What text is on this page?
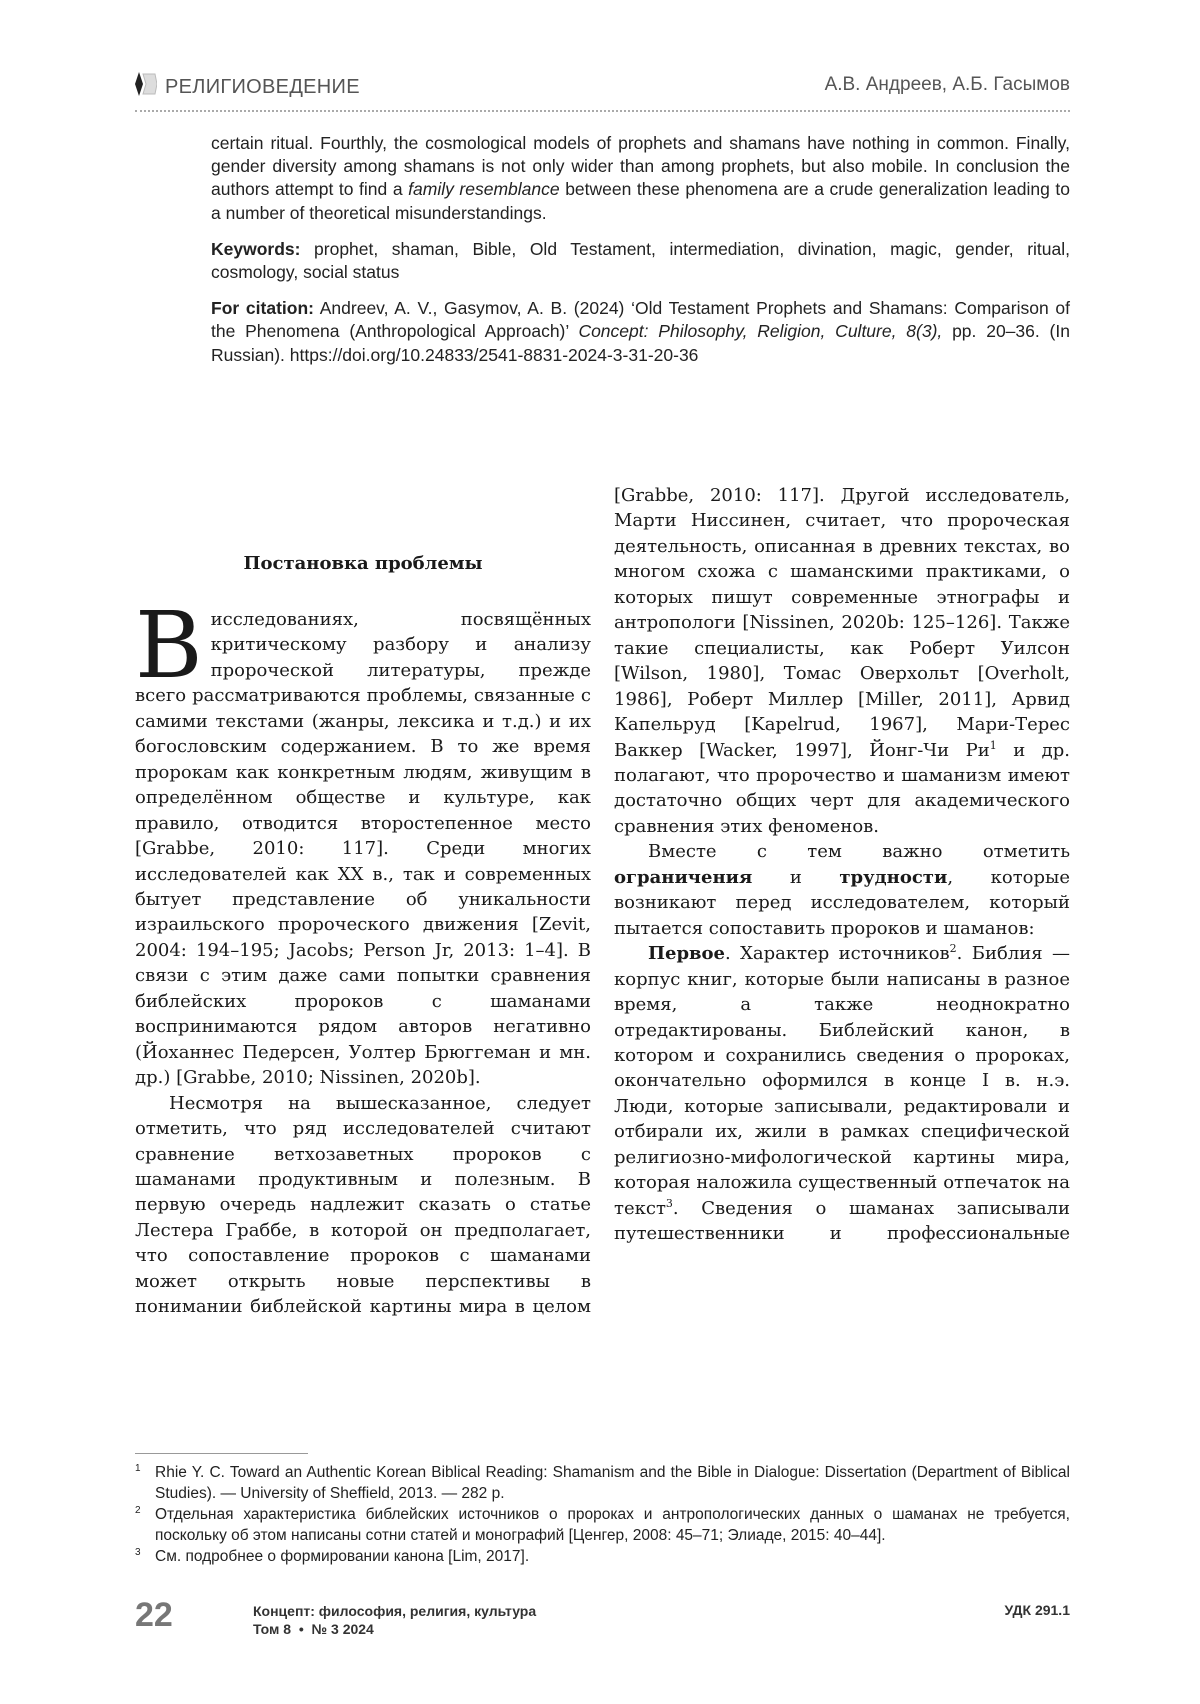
РЕЛИГИОВЕДЕНИЕ	А.В. Андреев, А.Б. Гасымов

certain ritual. Fourthly, the cosmological models of prophets and shamans have nothing in common. Finally, gender diversity among shamans is not only wider than among prophets, but also mobile. In conclusion the authors attempt to find a family resemblance between these phenomena are a crude generalization leading to a number of theoretical misunderstandings.

Keywords: prophet, shaman, Bible, Old Testament, intermediation, divination, magic, gender, ritual, cosmology, social status

For citation: Andreev, A. V., Gasymov, A. B. (2024) ‘Old Testament Prophets and Shamans: Comparison of the Phenomena (Anthropological Approach)’ Concept: Philosophy, Religion, Culture, 8(3), pp. 20–36. (In Russian). https://doi.org/10.24833/2541-8831-2024-3-31-20-36

Постановка проблемы

Висследованиях, посвящённых критическому разбору и анализу пророческой литературы, прежде всего рассматриваются проблемы, связанные с самими текстами (жанры, лексика и т.д.) и их богословским содержанием. В то же время пророкам как конкретным людям, живущим в определённом обществе и культуре, как правило, отводится второстепенное место [Grabbe, 2010: 117]. Среди многих исследователей как XX в., так и современных бытует представление об уникальности израильского пророческого движения [Zevit, 2004: 194–195; Jacobs; Person Jr, 2013: 1–4]. В связи с этим даже сами попытки сравнения библейских пророков с шаманами воспринимаются рядом авторов негативно (Йоханнес Педерсен, Уолтер Брюггеман и мн. др.) [Grabbe, 2010; Nissinen, 2020b].

Несмотря на вышесказанное, следует отметить, что ряд исследователей считают сравнение ветхозаветных пророков с шаманами продуктивным и полезным. В первую очередь надлежит сказать о статье Лестера Граббе, в которой он предполагает, что сопоставление пророков с шаманами может открыть новые перспективы в понимании библейской картины мира в целом

[Grabbe, 2010: 117]. Другой исследователь, Марти Ниссинен, считает, что пророческая деятельность, описанная в древних текстах, во многом схожа с шаманскими практиками, о которых пишут современные этнографы и антропологи [Nissinen, 2020b: 125–126]. Также такие специалисты, как Роберт Уилсон [Wilson, 1980], Томас Оверхольт [Overholt, 1986], Роберт Миллер [Miller, 2011], Арвид Капельруд [Kapelrud, 1967], Мари-Терес Ваккер [Wacker, 1997], Йонг-Чи $Ри^1$ и др. полагают, что пророчество и шаманизм имеют достаточно общих черт для академического сравнения этих феноменов.

Вместе с тем важно отметить ограничения и трудности, которые возникают перед исследователем, который пытается сопоставить пророков и шаманов:

Первое. Характер источников$^2$. Библия — корпус книг, которые были написаны в разное время, а также неоднократно отредактированы. Библейский канон, в котором и сохранились сведения о пророках, окончательно оформился в конце I в. н.э. Люди, которые записывали, редактировали и отбирали их, жили в рамках специфической религиозно-мифологической картины мира, которая наложила существенный отпечаток на текст$^3$. Сведения о шаманах записывали путешественники и профессиональные

1 Rhie Y. C. Toward an Authentic Korean Biblical Reading: Shamanism and the Bible in Dialogue: Dissertation (Department of Biblical Studies). — University of Sheffield, 2013. — 282 p.
2 Отдельная характеристика библейских источников о пророках и антропологических данных о шаманах не требуется, поскольку об этом написаны сотни статей и монографий [Ценгер, 2008: 45–71; Элиаде, 2015: 40–44].
3 См. подробнее о формировании канона [Lim, 2017].
22	Концепт: философия, религия, культура
Том 8  •  № 3 2024
УДК 291.1
